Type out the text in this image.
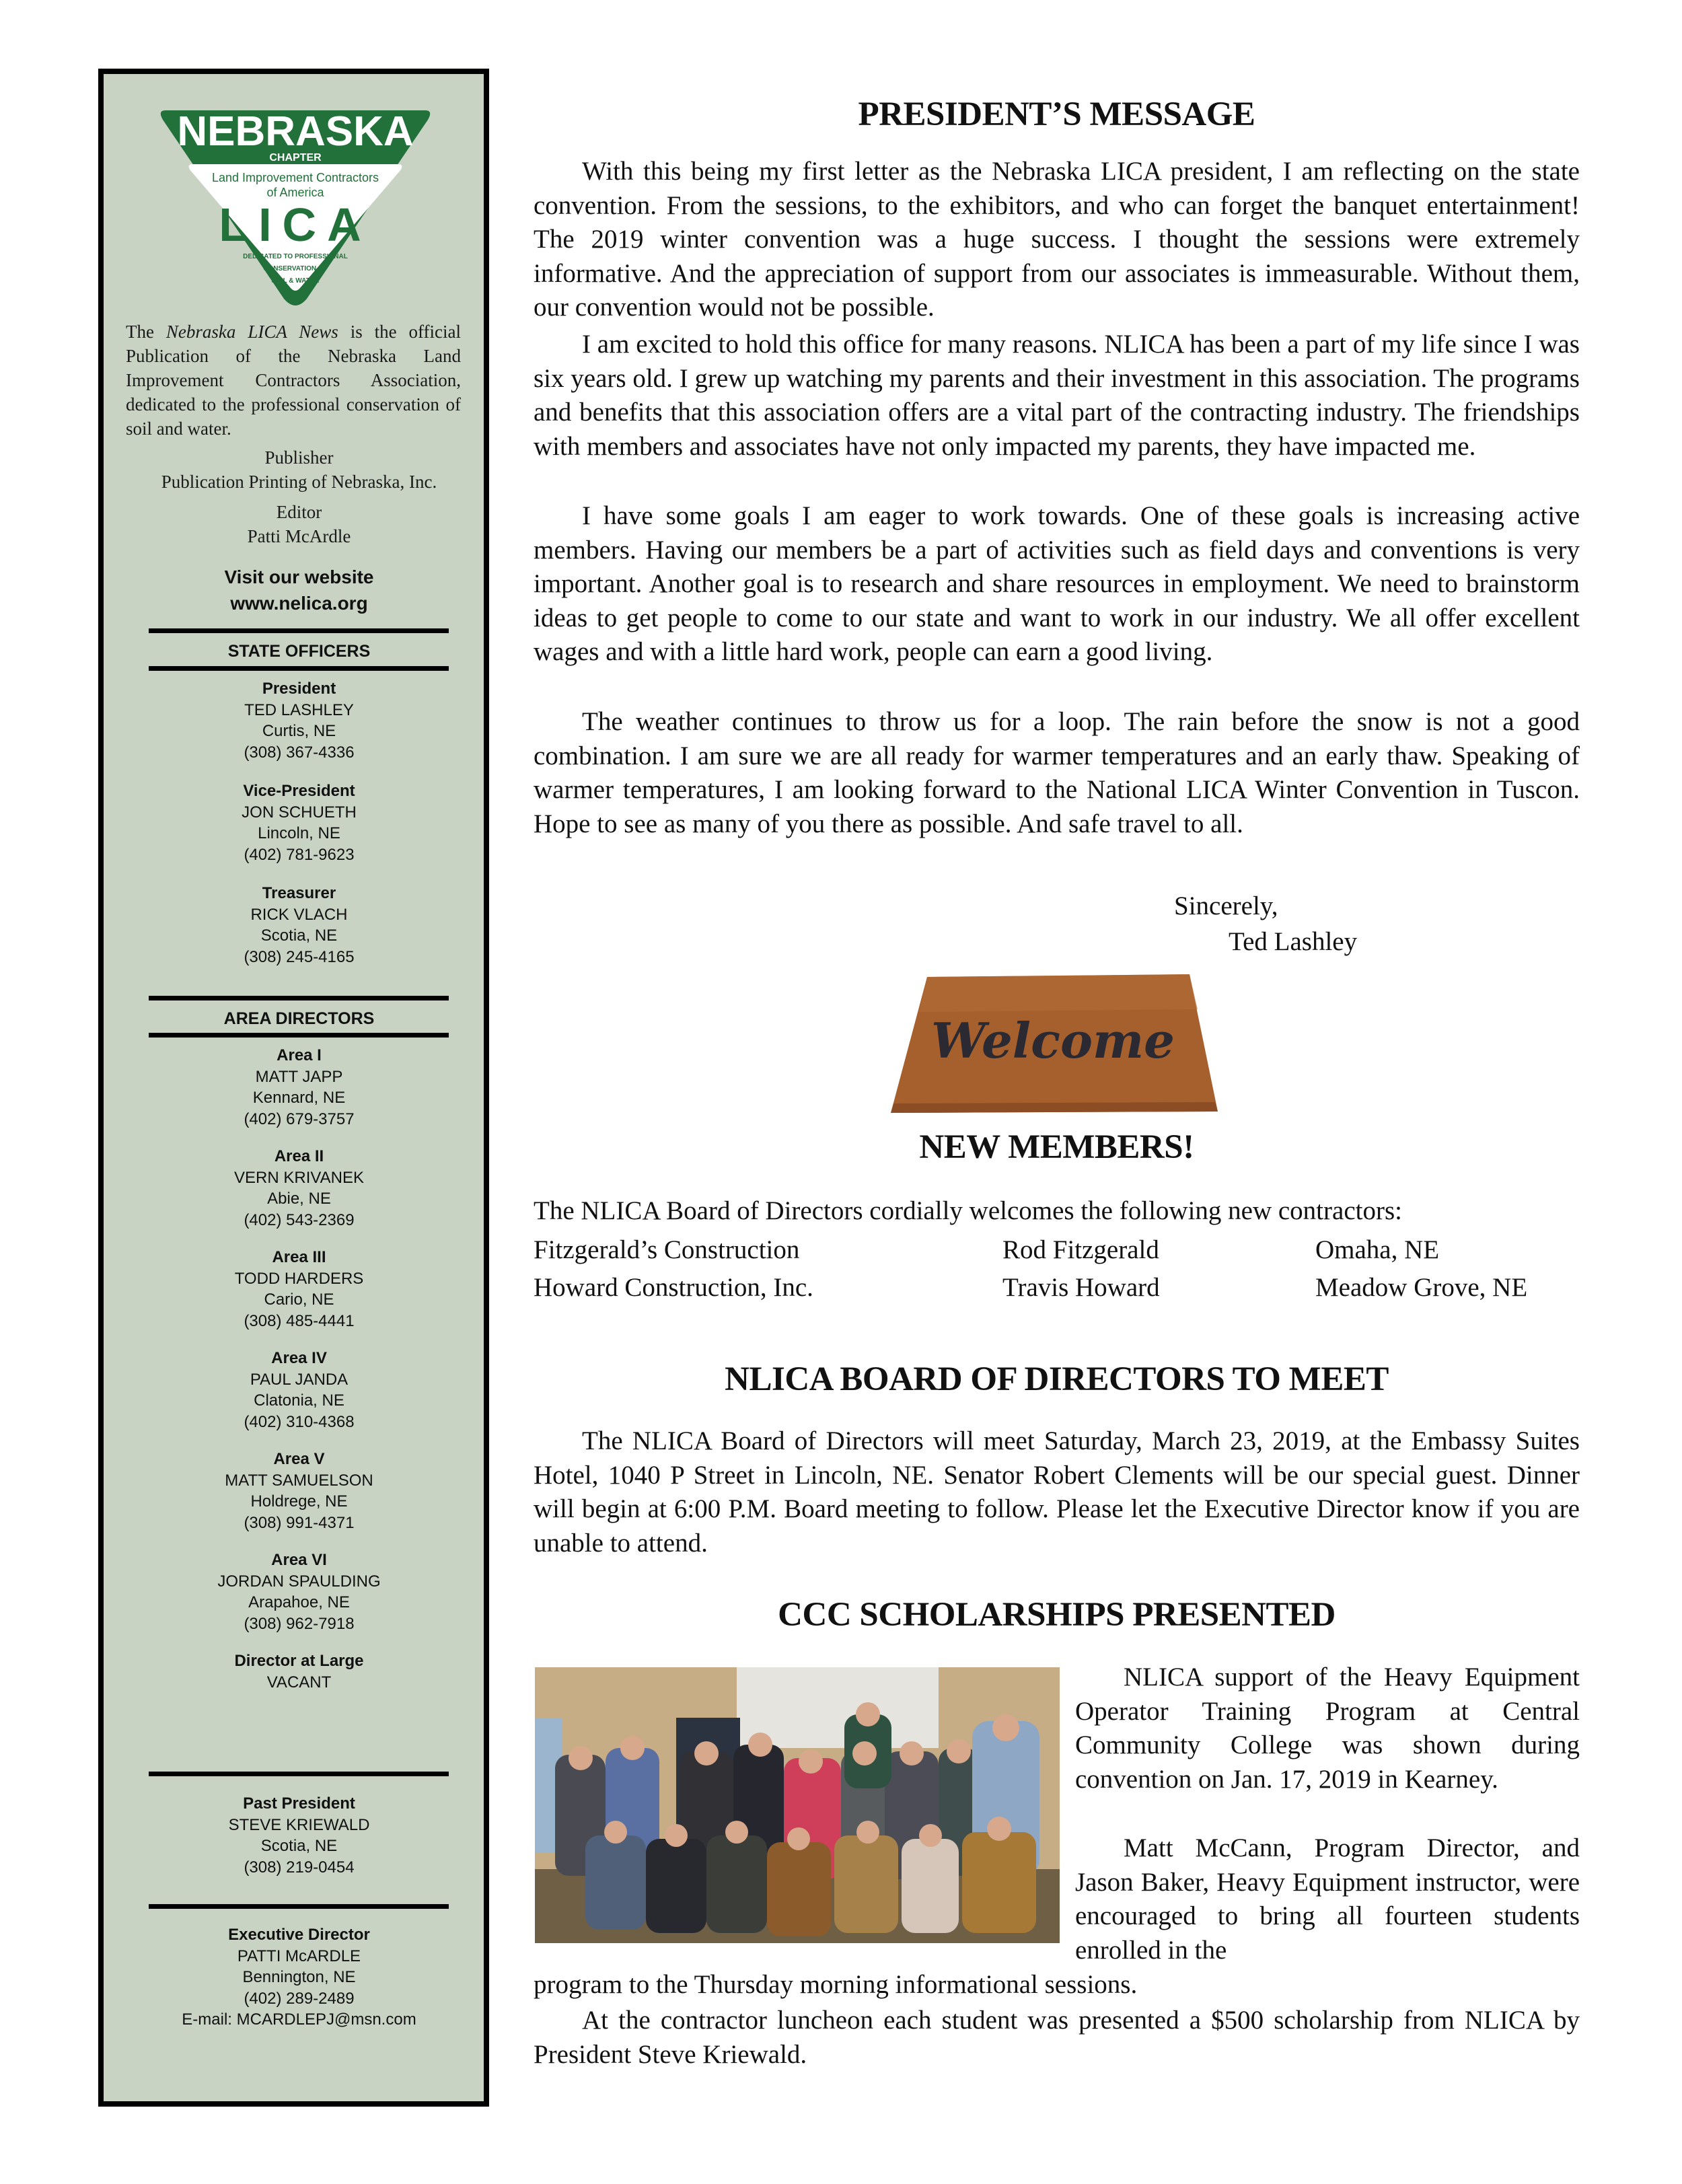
NEBRASKA
CHAPTER
Land Improvement Contractors
of America
LICA
DEDICATED TO PROFESSIONAL
CONSERVATION OF
SOIL & WATER

The Nebraska LICA News is the official Publication of the Nebraska Land Improvement Contractors Association, dedicated to the professional conservation of soil and water.

Publisher
Publication Printing of Nebraska, Inc.
Editor
Patti McArdle
Visit our website
www.nelica.org
STATE OFFICERS
President
TED LASHLEY
Curtis, NE
(308) 367-4336
Vice-President
JON SCHUETH
Lincoln, NE
(402) 781-9623
Treasurer
RICK VLACH
Scotia, NE
(308) 245-4165
AREA DIRECTORS
Area I
MATT JAPP
Kennard, NE
(402) 679-3757
Area II
VERN KRIVANEK
Abie, NE
(402) 543-2369
Area III
TODD HARDERS
Cario, NE
(308) 485-4441
Area IV
PAUL JANDA
Clatonia, NE
(402) 310-4368
Area V
MATT SAMUELSON
Holdrege, NE
(308) 991-4371
Area VI
JORDAN SPAULDING
Arapahoe, NE
(308) 962-7918
Director at Large
VACANT
Past President
STEVE KRIEWALD
Scotia, NE
(308) 219-0454
Executive Director
PATTI McARDLE
Bennington, NE
(402) 289-2489
E-mail: MCARDLEPJ@msn.com
PRESIDENT’S MESSAGE

With this being my first letter as the Nebraska LICA president, I am reflecting on the state convention. From the sessions, to the exhibitors, and who can forget the banquet entertainment! The 2019 winter convention was a huge success. I thought the sessions were extremely informative. And the appreciation of support from our associates is immeasurable. Without them, our convention would not be possible.

I am excited to hold this office for many reasons. NLICA has been a part of my life since I was six years old. I grew up watching my parents and their investment in this association. The programs and benefits that this association offers are a vital part of the contracting industry. The friendships with members and associates have not only impacted my parents, they have impacted me.

I have some goals I am eager to work towards. One of these goals is increasing active members. Having our members be a part of activities such as field days and conventions is very important. Another goal is to research and share resources in employment. We need to brainstorm ideas to get people to come to our state and want to work in our industry. We all offer excellent wages and with a little hard work, people can earn a good living.

The weather continues to throw us for a loop. The rain before the snow is not a good combination. I am sure we are all ready for warmer temperatures and an early thaw. Speaking of warmer temperatures, I am looking forward to the National LICA Winter Convention in Tuscon. Hope to see as many of you there as possible. And safe travel to all.

Sincerely,
Ted Lashley
NEW MEMBERS!

The NLICA Board of Directors cordially welcomes the following new contractors:

Fitzgerald’s Construction	Rod Fitzgerald	Omaha, NE
Howard Construction, Inc.	Travis Howard	Meadow Grove, NE
NLICA BOARD OF DIRECTORS TO MEET

The NLICA Board of Directors will meet Saturday, March 23, 2019, at the Embassy Suites Hotel, 1040 P Street in Lincoln, NE. Senator Robert Clements will be our special guest. Dinner will begin at 6:00 P.M. Board meeting to follow. Please let the Executive Director know if you are unable to attend.

CCC SCHOLARSHIPS PRESENTED

NLICA support of the Heavy Equipment Operator Training Program at Central Community College was shown during convention on Jan. 17, 2019 in Kearney.

Matt McCann, Program Director, and Jason Baker, Heavy Equipment instructor, were encouraged to bring all fourteen students enrolled in the

program to the Thursday morning informational sessions.

At the contractor luncheon each student was presented a $500 scholarship from NLICA by President Steve Kriewald.

Welcome
